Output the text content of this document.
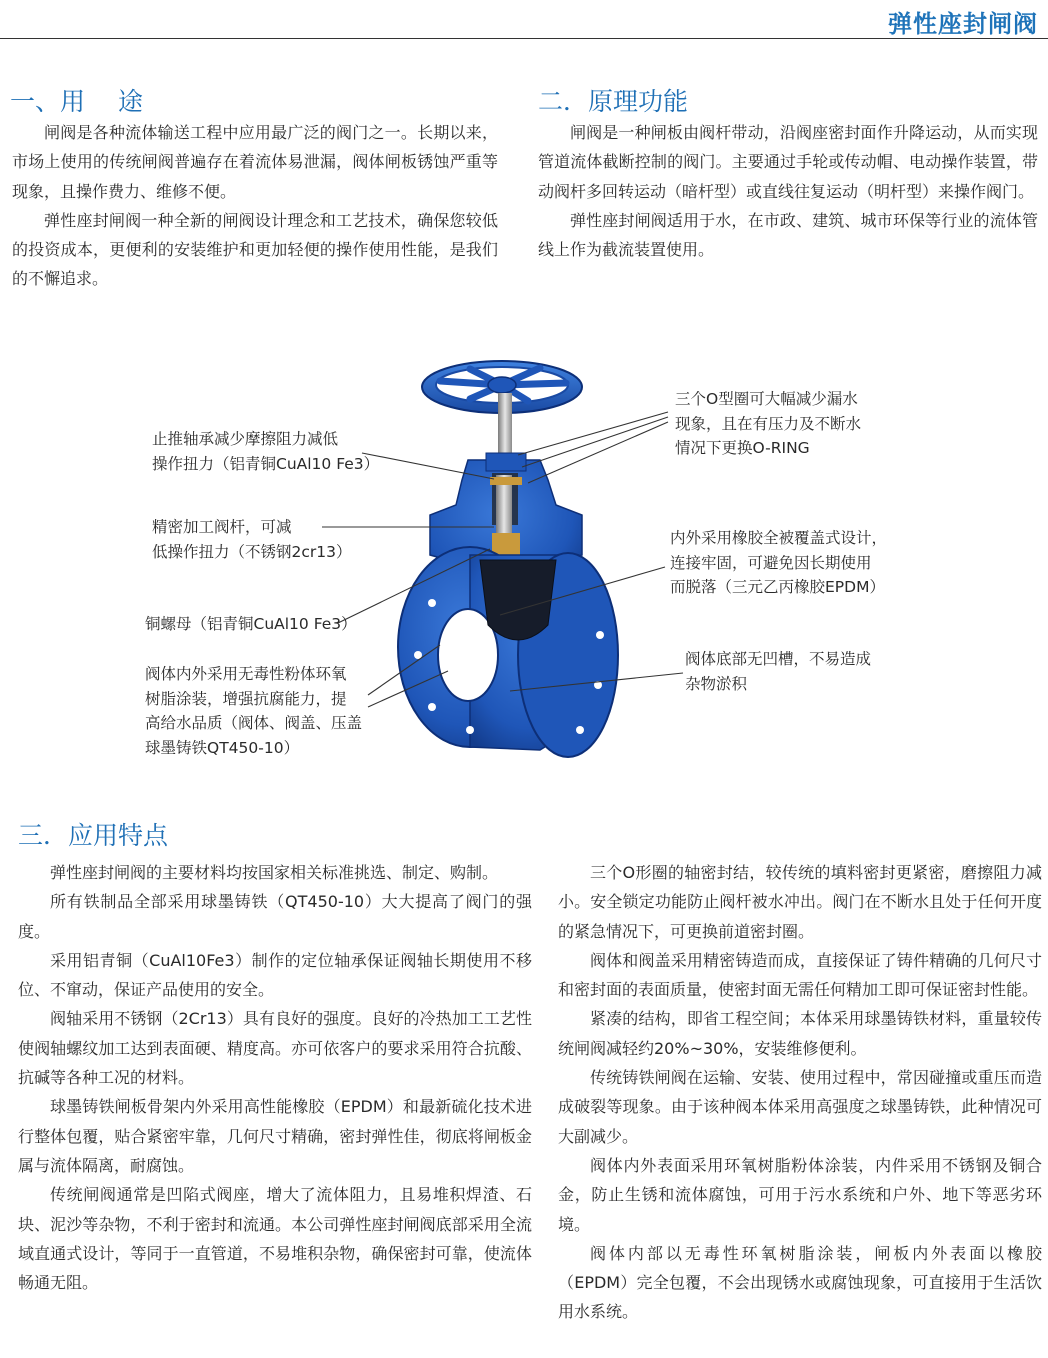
弹性座封闸阀
一、用　 途

闸阀是各种流体输送工程中应用最广泛的阀门之一。长期以来，市场上使用的传统闸阀普遍存在着流体易泄漏，阀体闸板锈蚀严重等现象，且操作费力、维修不便。

弹性座封闸阀一种全新的闸阀设计理念和工艺技术，确保您较低的投资成本，更便利的安装维护和更加轻便的操作使用性能，是我们的不懈追求。

二．原理功能

闸阀是一种闸板由阀杆带动，沿阀座密封面作升降运动，从而实现管道流体截断控制的阀门。主要通过手轮或传动帽、电动操作装置，带动阀杆多回转运动（暗杆型）或直线往复运动（明杆型）来操作阀门。

弹性座封闸阀适用于水，在市政、建筑、城市环保等行业的流体管线上作为截流装置使用。

止推轴承减少摩擦阻力减低
操作扭力（铝青铜CuAl10 Fe3）
精密加工阀杆，可减
低操作扭力（不锈钢2cr13）
铜螺母（铝青铜CuAl10 Fe3）
阀体内外采用无毒性粉体环氧
树脂涂装，增强抗腐能力，提
高给水品质（阀体、阀盖、压盖
球墨铸铁QT450-10）
三个O型圈可大幅减少漏水
现象，且在有压力及不断水
情况下更换O-RING
内外采用橡胶全被覆盖式设计，
连接牢固，可避免因长期使用
而脱落（三元乙丙橡胶EPDM）
阀体底部无凹槽，不易造成
杂物淤积
三．应用特点

弹性座封闸阀的主要材料均按国家相关标准挑选、制定、购制。

所有铁制品全部采用球墨铸铁（QT450-10）大大提高了阀门的强度。

采用铝青铜（CuAl10Fe3）制作的定位轴承保证阀轴长期使用不移位、不窜动，保证产品使用的安全。

阀轴采用不锈钢（2Cr13）具有良好的强度。良好的冷热加工工艺性使阀轴螺纹加工达到表面硬、精度高。亦可依客户的要求采用符合抗酸、抗碱等各种工况的材料。

球墨铸铁闸板骨架内外采用高性能橡胶（EPDM）和最新硫化技术进行整体包覆，贴合紧密牢靠，几何尺寸精确，密封弹性佳，彻底将闸板金属与流体隔离，耐腐蚀。

传统闸阀通常是凹陷式阀座，增大了流体阻力，且易堆积焊渣、石块、泥沙等杂物，不利于密封和流通。本公司弹性座封闸阀底部采用全流域直通式设计，等同于一直管道，不易堆积杂物，确保密封可靠，使流体畅通无阻。

三个O形圈的轴密封结，较传统的填料密封更紧密，磨擦阻力减小。安全锁定功能防止阀杆被水冲出。阀门在不断水且处于任何开度的紧急情况下，可更换前道密封圈。

阀体和阀盖采用精密铸造而成，直接保证了铸件精确的几何尺寸和密封面的表面质量，使密封面无需任何精加工即可保证密封性能。

紧凑的结构，即省工程空间；本体采用球墨铸铁材料，重量较传统闸阀减轻约20%~30%，安装维修便利。

传统铸铁闸阀在运输、安装、使用过程中，常因碰撞或重压而造成破裂等现象。由于该种阀本体采用高强度之球墨铸铁，此种情况可大副减少。

阀体内外表面采用环氧树脂粉体涂装，内件采用不锈钢及铜合金，防止生锈和流体腐蚀，可用于污水系统和户外、地下等恶劣环境。

阀体内部以无毒性环氧树脂涂装，闸板内外表面以橡胶（EPDM）完全包覆，不会出现锈水或腐蚀现象，可直接用于生活饮用水系统。
